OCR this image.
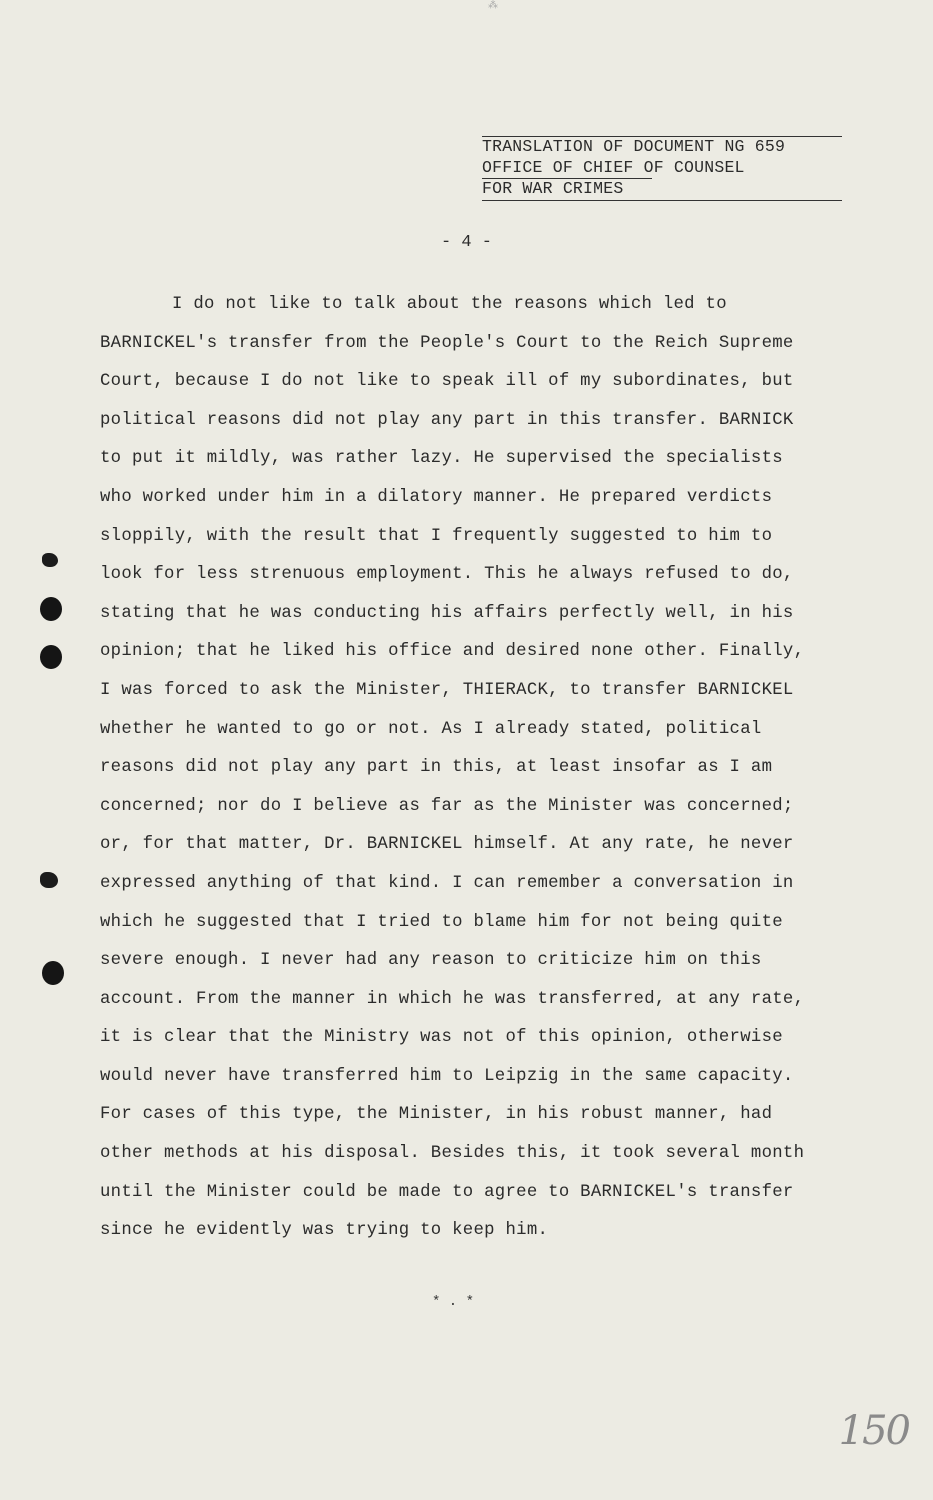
⁂
TRANSLATION OF DOCUMENT NG 659
OFFICE OF CHIEF OF COUNSEL
FOR WAR CRIMES
- 4 -
I do not like to talk about the reasons which led to
BARNICKEL's transfer from the People's Court to the Reich Supreme
Court, because I do not like to speak ill of my subordinates, but
political reasons did not play any part in this transfer. BARNICK
to put it mildly, was rather lazy. He supervised the specialists
who worked under him in a dilatory manner. He prepared verdicts
sloppily, with the result that I frequently suggested to him to
look for less strenuous employment. This he always refused to do,
stating that he was conducting his affairs perfectly well, in his
opinion; that he liked his office and desired none other. Finally,
I was forced to ask the Minister, THIERACK, to transfer BARNICKEL
whether he wanted to go or not. As I already stated, political
reasons did not play any part in this, at least insofar as I am
concerned; nor do I believe as far as the Minister was concerned;
or, for that matter, Dr. BARNICKEL himself. At any rate, he never
expressed anything of that kind. I can remember a conversation in
which he suggested that I tried to blame him for not being quite
severe enough. I never had any reason to criticize him on this
account. From the manner in which he was transferred, at any rate,
it is clear that the Ministry was not of this opinion, otherwise
would never have transferred him to Leipzig in the same capacity.
For cases of this type, the Minister, in his robust manner, had
other methods at his disposal. Besides this, it took several month
until the Minister could be made to agree to BARNICKEL's transfer
since he evidently was trying to keep him.
* . *
150
